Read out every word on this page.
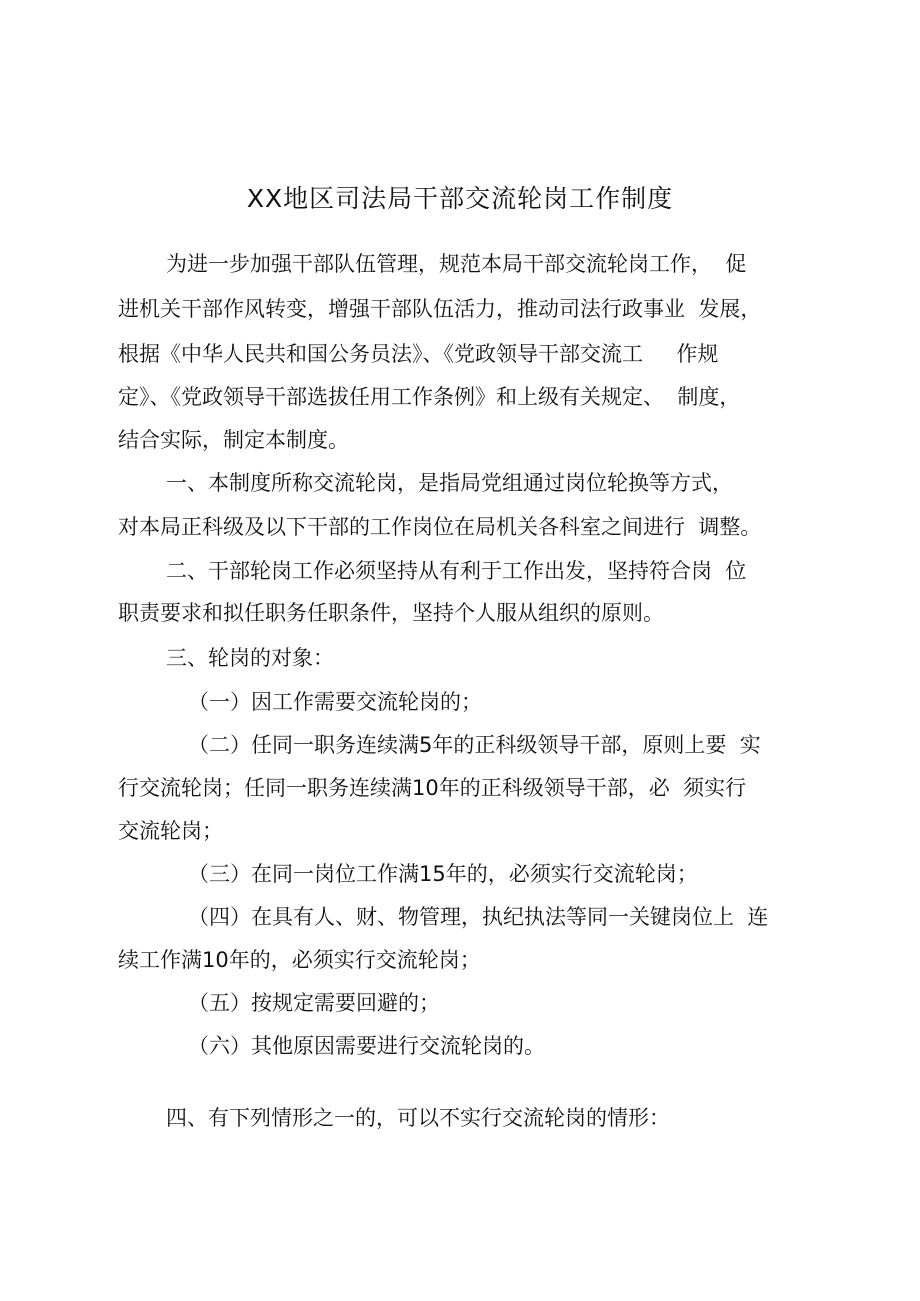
XX地区司法局干部交流轮岗工作制度
为进一步加强干部队伍管理，规范本局干部交流轮岗工作，  促
进机关干部作风转变，增强干部队伍活力，推动司法行政事业  发展，
根据《中华人民共和国公务员法》、《党政领导干部交流工     作规
定》、《党政领导干部选拔任用工作条例》和上级有关规定、  制度，
结合实际，制定本制度。
一、本制度所称交流轮岗，是指局党组通过岗位轮换等方式，
对本局正科级及以下干部的工作岗位在局机关各科室之间进行  调整。
二、干部轮岗工作必须坚持从有利于工作出发，坚持符合岗  位
职责要求和拟任职务任职条件，坚持个人服从组织的原则。
三、轮岗的对象：
（一）因工作需要交流轮岗的；
（二）任同一职务连续满5年的正科级领导干部，原则上要  实
行交流轮岗；任同一职务连续满10年的正科级领导干部，必  须实行
交流轮岗；
（三）在同一岗位工作满15年的，必须实行交流轮岗；
（四）在具有人、财、物管理，执纪执法等同一关键岗位上  连
续工作满10年的，必须实行交流轮岗；
（五）按规定需要回避的；
（六）其他原因需要进行交流轮岗的。
四、有下列情形之一的，可以不实行交流轮岗的情形：
